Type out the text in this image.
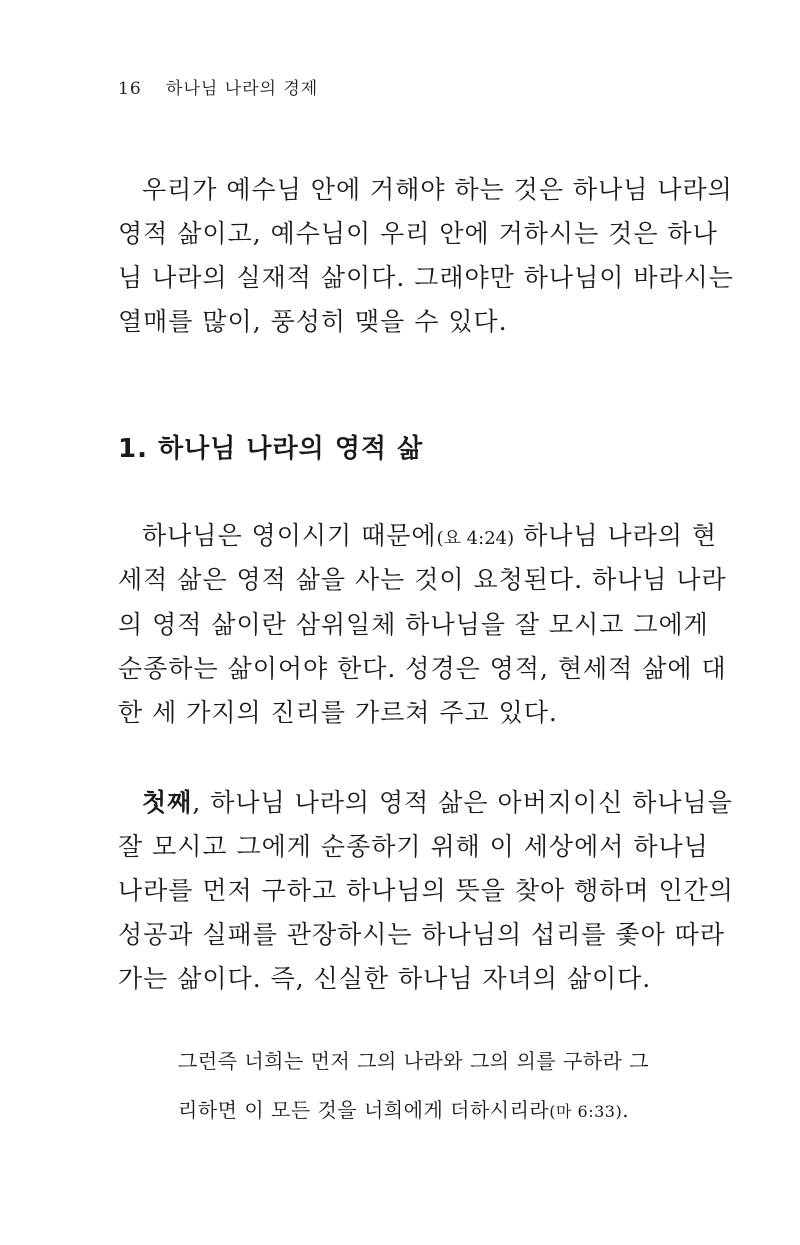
16 하나님 나라의 경제
우리가 예수님 안에 거해야 하는 것은 하나님 나라의
영적 삶이고, 예수님이 우리 안에 거하시는 것은 하나
님 나라의 실재적 삶이다. 그래야만 하나님이 바라시는
열매를 많이, 풍성히 맺을 수 있다.
1. 하나님 나라의 영적 삶
하나님은 영이시기 때문에(요 4:24) 하나님 나라의 현
세적 삶은 영적 삶을 사는 것이 요청된다. 하나님 나라
의 영적 삶이란 삼위일체 하나님을 잘 모시고 그에게
순종하는 삶이어야 한다. 성경은 영적, 현세적 삶에 대
한 세 가지의 진리를 가르쳐 주고 있다.
첫째, 하나님 나라의 영적 삶은 아버지이신 하나님을
잘 모시고 그에게 순종하기 위해 이 세상에서 하나님
나라를 먼저 구하고 하나님의 뜻을 찾아 행하며 인간의
성공과 실패를 관장하시는 하나님의 섭리를 좇아 따라
가는 삶이다. 즉, 신실한 하나님 자녀의 삶이다.
그런즉 너희는 먼저 그의 나라와 그의 의를 구하라 그
리하면 이 모든 것을 너희에게 더하시리라(마 6:33).
